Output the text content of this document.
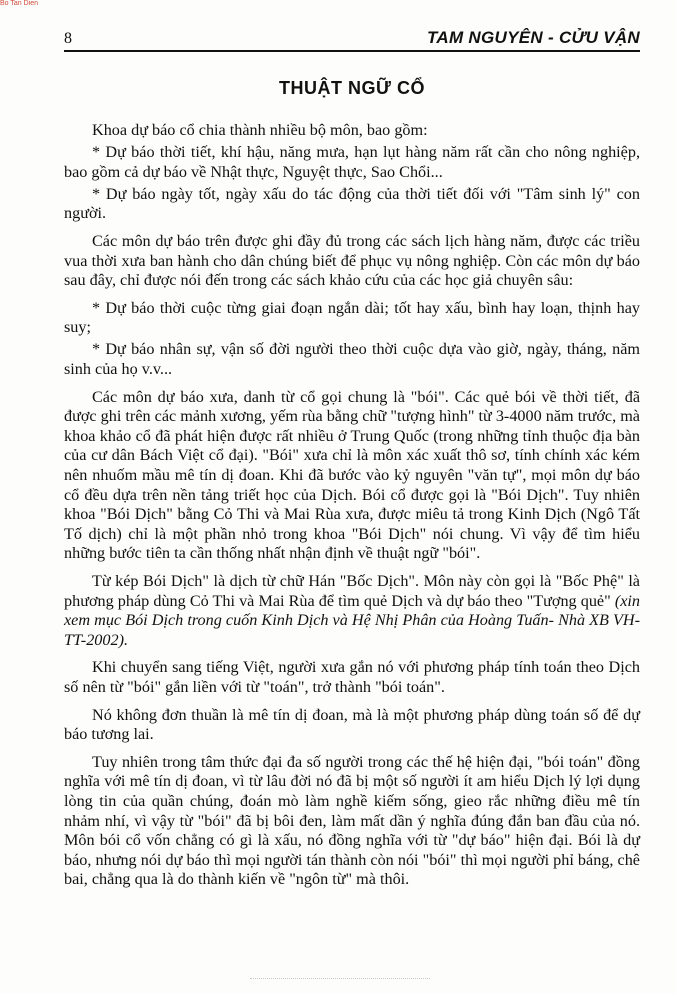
Bo Tan Dien
8	TAM NGUYÊN - CỬU VẬN
THUẬT NGỮ CỔ

Khoa dự báo cổ chia thành nhiều bộ môn, bao gồm:

* Dự báo thời tiết, khí hậu, năng mưa, hạn lụt hàng năm rất cần cho nông nghiệp, bao gồm cả dự báo về Nhật thực, Nguyệt thực, Sao Chổi...

* Dự báo ngày tốt, ngày xấu do tác động của thời tiết đối với "Tâm sinh lý" con người.

Các môn dự báo trên được ghi đầy đủ trong các sách lịch hàng năm, được các triều vua thời xưa ban hành cho dân chúng biết để phục vụ nông nghiệp. Còn các môn dự báo sau đây, chỉ được nói đến trong các sách khảo cứu của các học giả chuyên sâu:

* Dự báo thời cuộc từng giai đoạn ngắn dài; tốt hay xấu, bình hay loạn, thịnh hay suy;

* Dự báo nhân sự, vận số đời người theo thời cuộc dựa vào giờ, ngày, tháng, năm sinh của họ v.v...

Các môn dự báo xưa, danh từ cổ gọi chung là "bói". Các quẻ bói về thời tiết, đã được ghi trên các mảnh xương, yếm rùa bằng chữ "tượng hình" từ 3-4000 năm trước, mà khoa khảo cổ đã phát hiện được rất nhiều ở Trung Quốc (trong những tỉnh thuộc địa bàn của cư dân Bách Việt cổ đại). "Bói" xưa chỉ là môn xác xuất thô sơ, tính chính xác kém nên nhuốm mầu mê tín dị đoan. Khi đã bước vào kỷ nguyên "văn tự", mọi môn dự báo cổ đều dựa trên nền tảng triết học của Dịch. Bói cổ được gọi là "Bói Dịch". Tuy nhiên khoa "Bói Dịch" bằng Cỏ Thi và Mai Rùa xưa, được miêu tả trong Kinh Dịch (Ngô Tất Tố dịch) chỉ là một phần nhỏ trong khoa "Bói Dịch" nói chung. Vì vậy để tìm hiểu những bước tiên ta cần thống nhất nhận định về thuật ngữ "bói".

Từ kép Bói Dịch" là dịch từ chữ Hán "Bốc Dịch". Môn này còn gọi là "Bốc Phệ" là phương pháp dùng Cỏ Thi và Mai Rùa để tìm quẻ Dịch và dự báo theo "Tượng quẻ" (xin xem mục Bói Dịch trong cuốn Kinh Dịch và Hệ Nhị Phân của Hoàng Tuấn- Nhà XB VH-TT-2002).

Khi chuyển sang tiếng Việt, người xưa gắn nó với phương pháp tính toán theo Dịch số nên từ "bói" gắn liền với từ "toán", trở thành "bói toán".

Nó không đơn thuần là mê tín dị đoan, mà là một phương pháp dùng toán số để dự báo tương lai.

Tuy nhiên trong tâm thức đại đa số người trong các thế hệ hiện đại, "bói toán" đồng nghĩa với mê tín dị đoan, vì từ lâu đời nó đã bị một số người ít am hiểu Dịch lý lợi dụng lòng tin của quần chúng, đoán mò làm nghề kiếm sống, gieo rắc những điều mê tín nhảm nhí, vì vậy từ "bói" đã bị bôi đen, làm mất dần ý nghĩa đúng đắn ban đầu của nó. Môn bói cổ vốn chẳng có gì là xấu, nó đồng nghĩa với từ "dự báo" hiện đại. Bói là dự báo, nhưng nói dự báo thì mọi người tán thành còn nói "bói" thì mọi người phỉ báng, chê bai, chẳng qua là do thành kiến về "ngôn từ" mà thôi.
